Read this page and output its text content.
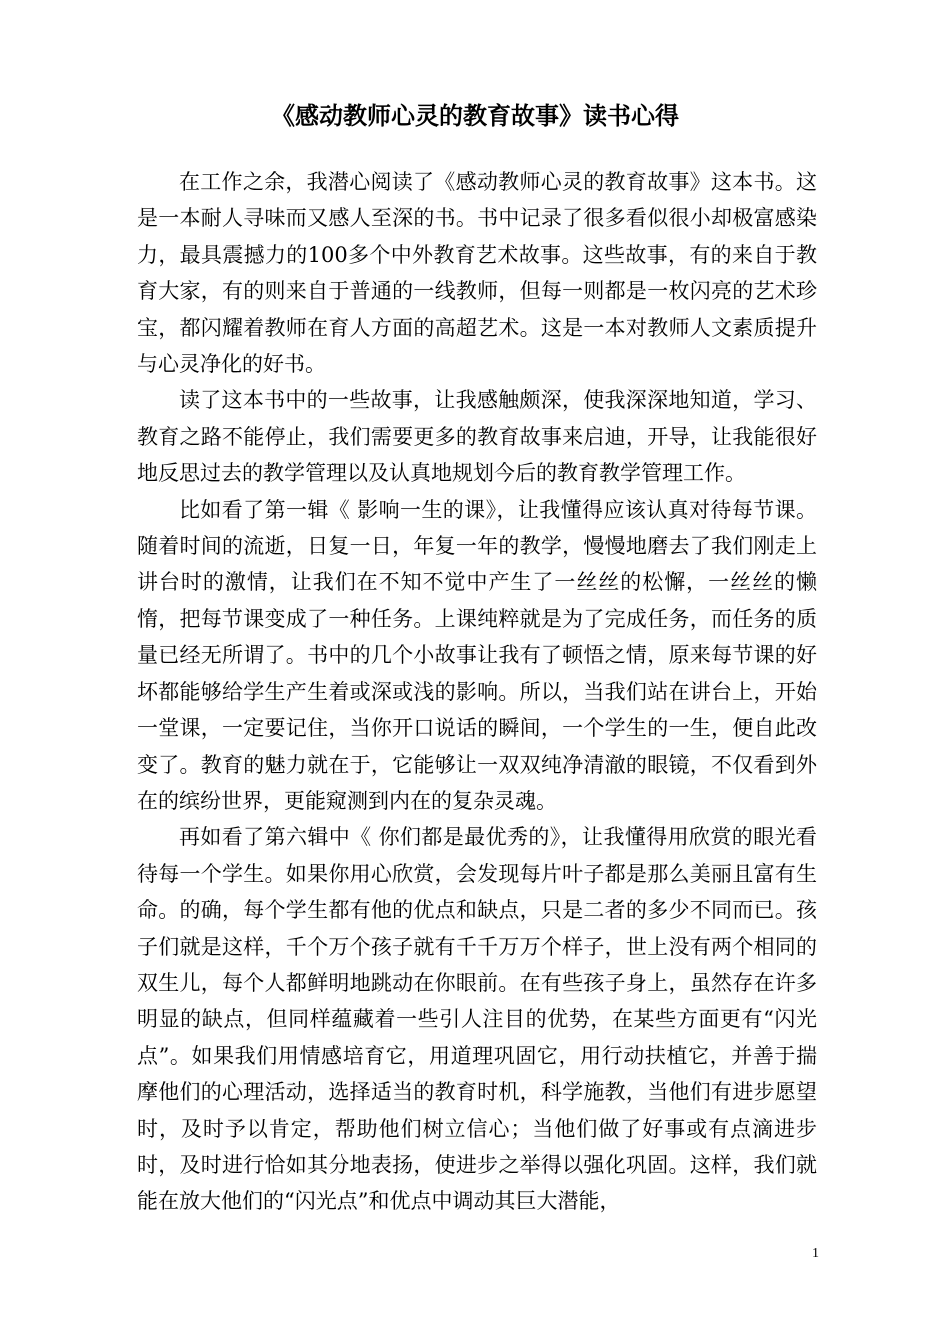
《感动教师心灵的教育故事》读书心得

在工作之余，我潜心阅读了《感动教师心灵的教育故事》这本书。这是一本耐人寻味而又感人至深的书。书中记录了很多看似很小却极富感染力，最具震撼力的100多个中外教育艺术故事。这些故事，有的来自于教育大家，有的则来自于普通的一线教师，但每一则都是一枚闪亮的艺术珍宝，都闪耀着教师在育人方面的高超艺术。这是一本对教师人文素质提升与心灵净化的好书。

读了这本书中的一些故事，让我感触颇深，使我深深地知道，学习、教育之路不能停止，我们需要更多的教育故事来启迪，开导，让我能很好地反思过去的教学管理以及认真地规划今后的教育教学管理工作。

比如看了第一辑《 影响一生的课》，让我懂得应该认真对待每节课。随着时间的流逝，日复一日，年复一年的教学，慢慢地磨去了我们刚走上讲台时的激情，让我们在不知不觉中产生了一丝丝的松懈，一丝丝的懒惰，把每节课变成了一种任务。上课纯粹就是为了完成任务，而任务的质量已经无所谓了。书中的几个小故事让我有了顿悟之情，原来每节课的好坏都能够给学生产生着或深或浅的影响。所以，当我们站在讲台上，开始一堂课，一定要记住，当你开口说话的瞬间，一个学生的一生，便自此改变了。教育的魅力就在于，它能够让一双双纯净清澈的眼镜，不仅看到外在的缤纷世界，更能窥测到内在的复杂灵魂。

再如看了第六辑中《 你们都是最优秀的》，让我懂得用欣赏的眼光看待每一个学生。如果你用心欣赏，会发现每片叶子都是那么美丽且富有生命。的确，每个学生都有他的优点和缺点，只是二者的多少不同而已。孩子们就是这样，千个万个孩子就有千千万万个样子，世上没有两个相同的双生儿，每个人都鲜明地跳动在你眼前。在有些孩子身上，虽然存在许多明显的缺点，但同样蕴藏着一些引人注目的优势，在某些方面更有“闪光点”。如果我们用情感培育它，用道理巩固它，用行动扶植它，并善于揣摩他们的心理活动，选择适当的教育时机，科学施教，当他们有进步愿望时，及时予以肯定，帮助他们树立信心；当他们做了好事或有点滴进步时，及时进行恰如其分地表扬，使进步之举得以强化巩固。这样，我们就能在放大他们的“闪光点”和优点中调动其巨大潜能，

1
